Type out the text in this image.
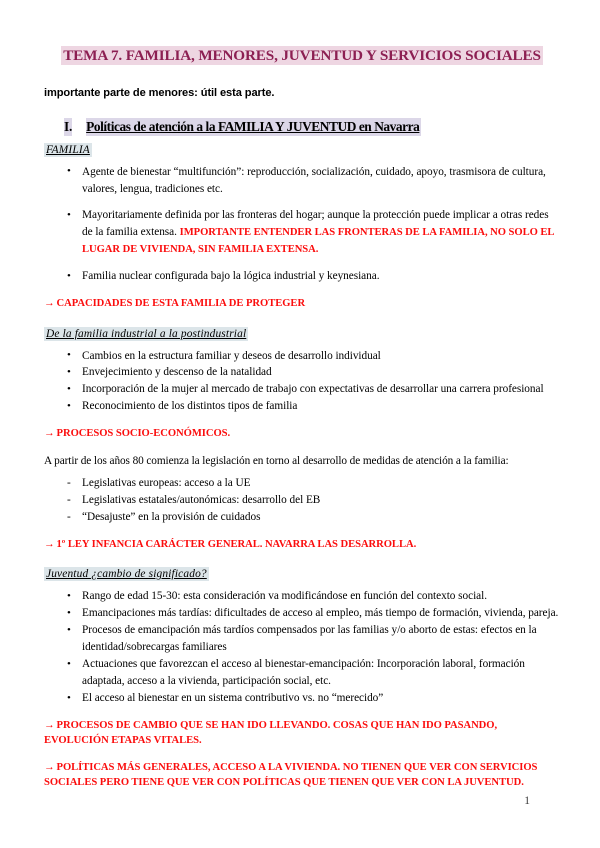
TEMA 7. FAMILIA, MENORES, JUVENTUD Y SERVICIOS SOCIALES
importante parte de menores: útil esta parte.
I. Políticas de atención a la FAMILIA Y JUVENTUD en Navarra
FAMILIA
• Agente de bienestar “multifunción”: reproducción, socialización, cuidado, apoyo, trasmisora de cultura, valores, lengua, tradiciones etc.
• Mayoritariamente definida por las fronteras del hogar; aunque la protección puede implicar a otras redes de la familia extensa. IMPORTANTE ENTENDER LAS FRONTERAS DE LA FAMILIA, NO SOLO EL LUGAR DE VIVIENDA, SIN FAMILIA EXTENSA.
• Familia nuclear configurada bajo la lógica industrial y keynesiana.
→ CAPACIDADES DE ESTA FAMILIA DE PROTEGER
De la familia industrial a la postindustrial
• Cambios en la estructura familiar y deseos de desarrollo individual
• Envejecimiento y descenso de la natalidad
• Incorporación de la mujer al mercado de trabajo con expectativas de desarrollar una carrera profesional
• Reconocimiento de los distintos tipos de familia
→ PROCESOS SOCIO-ECONÓMICOS.
A partir de los años 80 comienza la legislación en torno al desarrollo de medidas de atención a la familia:
- Legislativas europeas: acceso a la UE
- Legislativas estatales/autonómicas: desarrollo del EB
- “Desajuste” en la provisión de cuidados
→ 1º LEY INFANCIA CARÁCTER GENERAL. NAVARRA LAS DESARROLLA.
Juventud ¿cambio de significado?
• Rango de edad 15-30: esta consideración va modificándose en función del contexto social.
• Emancipaciones más tardías: dificultades de acceso al empleo, más tiempo de formación, vivienda, pareja.
• Procesos de emancipación más tardíos compensados por las familias y/o aborto de estas: efectos en la identidad/sobrecargas familiares
• Actuaciones que favorezcan el acceso al bienestar-emancipación: Incorporación laboral, formación adaptada, acceso a la vivienda, participación social, etc.
• El acceso al bienestar en un sistema contributivo vs. no “merecido”
→ PROCESOS DE CAMBIO QUE SE HAN IDO LLEVANDO. COSAS QUE HAN IDO PASANDO, EVOLUCIÓN ETAPAS VITALES.
→ POLÍTICAS MÁS GENERALES, ACCESO A LA VIVIENDA. NO TIENEN QUE VER CON SERVICIOS SOCIALES PERO TIENE QUE VER CON POLÍTICAS QUE TIENEN QUE VER CON LA JUVENTUD.
1
